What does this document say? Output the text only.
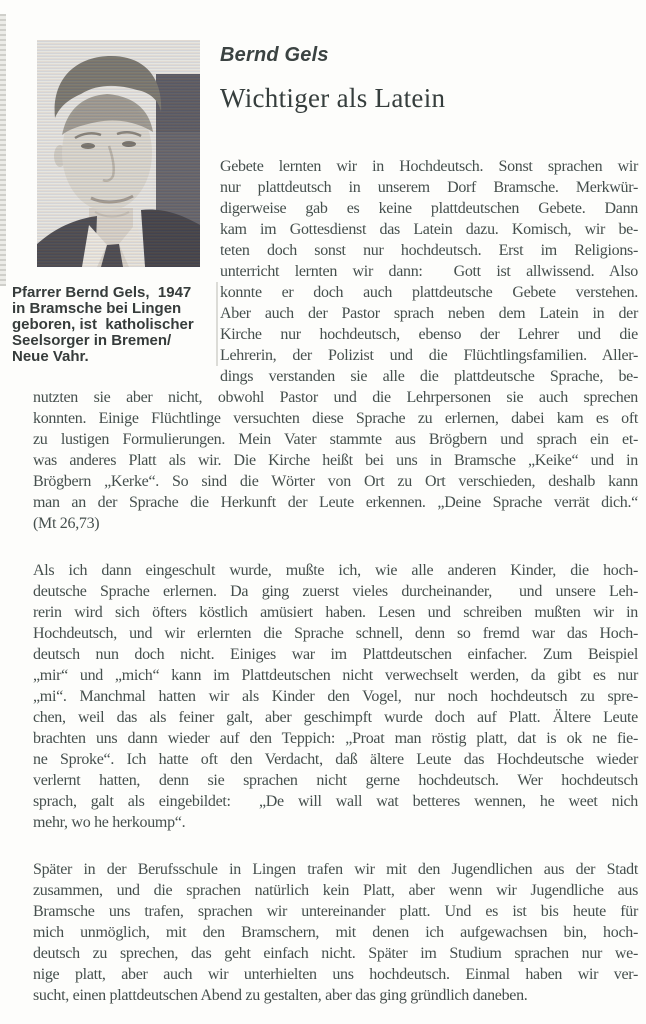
Pfarrer Bernd Gels,  1947
in Bramsche bei Lingen
geboren, ist  katholischer
Seelsorger in Bremen/
Neue Vahr.
Bernd Gels
Wichtiger als Latein
Gebete lernten wir in Hochdeutsch. Sonst sprachen wir
nur plattdeutsch in unserem Dorf Bramsche. Merkwür-
digerweise gab es keine plattdeutschen Gebete. Dann
kam im Gottesdienst das Latein dazu. Komisch, wir be-
teten doch sonst nur hochdeutsch. Erst im Religions-
unterricht lernten wir dann:  Gott ist allwissend. Also
konnte er doch auch plattdeutsche Gebete verstehen.
Aber auch der Pastor sprach neben dem Latein in der
Kirche nur hochdeutsch, ebenso der Lehrer und die
Lehrerin, der Polizist und die Flüchtlingsfamilien. Aller-
dings verstanden sie alle die plattdeutsche Sprache, be-
nutzten sie aber nicht, obwohl Pastor und die Lehrpersonen sie auch sprechen
konnten. Einige Flüchtlinge versuchten diese Sprache zu erlernen, dabei kam es oft
zu lustigen Formulierungen. Mein Vater stammte aus Brögbern und sprach ein et-
was anderes Platt als wir. Die Kirche heißt bei uns in Bramsche „Keike“ und in
Brögbern „Kerke“. So sind die Wörter von Ort zu Ort verschieden, deshalb kann
man an der Sprache die Herkunft der Leute erkennen. „Deine Sprache verrät dich.“
(Mt 26,73)
Als ich dann eingeschult wurde, mußte ich, wie alle anderen Kinder, die hoch-
deutsche Sprache erlernen. Da ging zuerst vieles durcheinander,  und unsere Leh-
rerin wird sich öfters köstlich amüsiert haben. Lesen und schreiben mußten wir in
Hochdeutsch, und wir erlernten die Sprache schnell, denn so fremd war das Hoch-
deutsch nun doch nicht. Einiges war im Plattdeutschen einfacher. Zum Beispiel
„mir“ und „mich“ kann im Plattdeutschen nicht verwechselt werden, da gibt es nur
„mi“. Manchmal hatten wir als Kinder den Vogel, nur noch hochdeutsch zu spre-
chen, weil das als feiner galt, aber geschimpft wurde doch auf Platt. Ältere Leute
brachten uns dann wieder auf den Teppich: „Proat man röstig platt, dat is ok ne fie-
ne Sproke“. Ich hatte oft den Verdacht, daß ältere Leute das Hochdeutsche wieder
verlernt hatten, denn sie sprachen nicht gerne hochdeutsch. Wer hochdeutsch
sprach, galt als eingebildet:  „De will wall wat betteres wennen, he weet nich
mehr, wo he herkoump“.
Später in der Berufsschule in Lingen trafen wir mit den Jugendlichen aus der Stadt
zusammen, und die sprachen natürlich kein Platt, aber wenn wir Jugendliche aus
Bramsche uns trafen, sprachen wir untereinander platt. Und es ist bis heute für
mich unmöglich, mit den Bramschern, mit denen ich aufgewachsen bin, hoch-
deutsch zu sprechen, das geht einfach nicht. Später im Studium sprachen nur we-
nige platt, aber auch wir unterhielten uns hochdeutsch. Einmal haben wir ver-
sucht, einen plattdeutschen Abend zu gestalten, aber das ging gründlich daneben.
